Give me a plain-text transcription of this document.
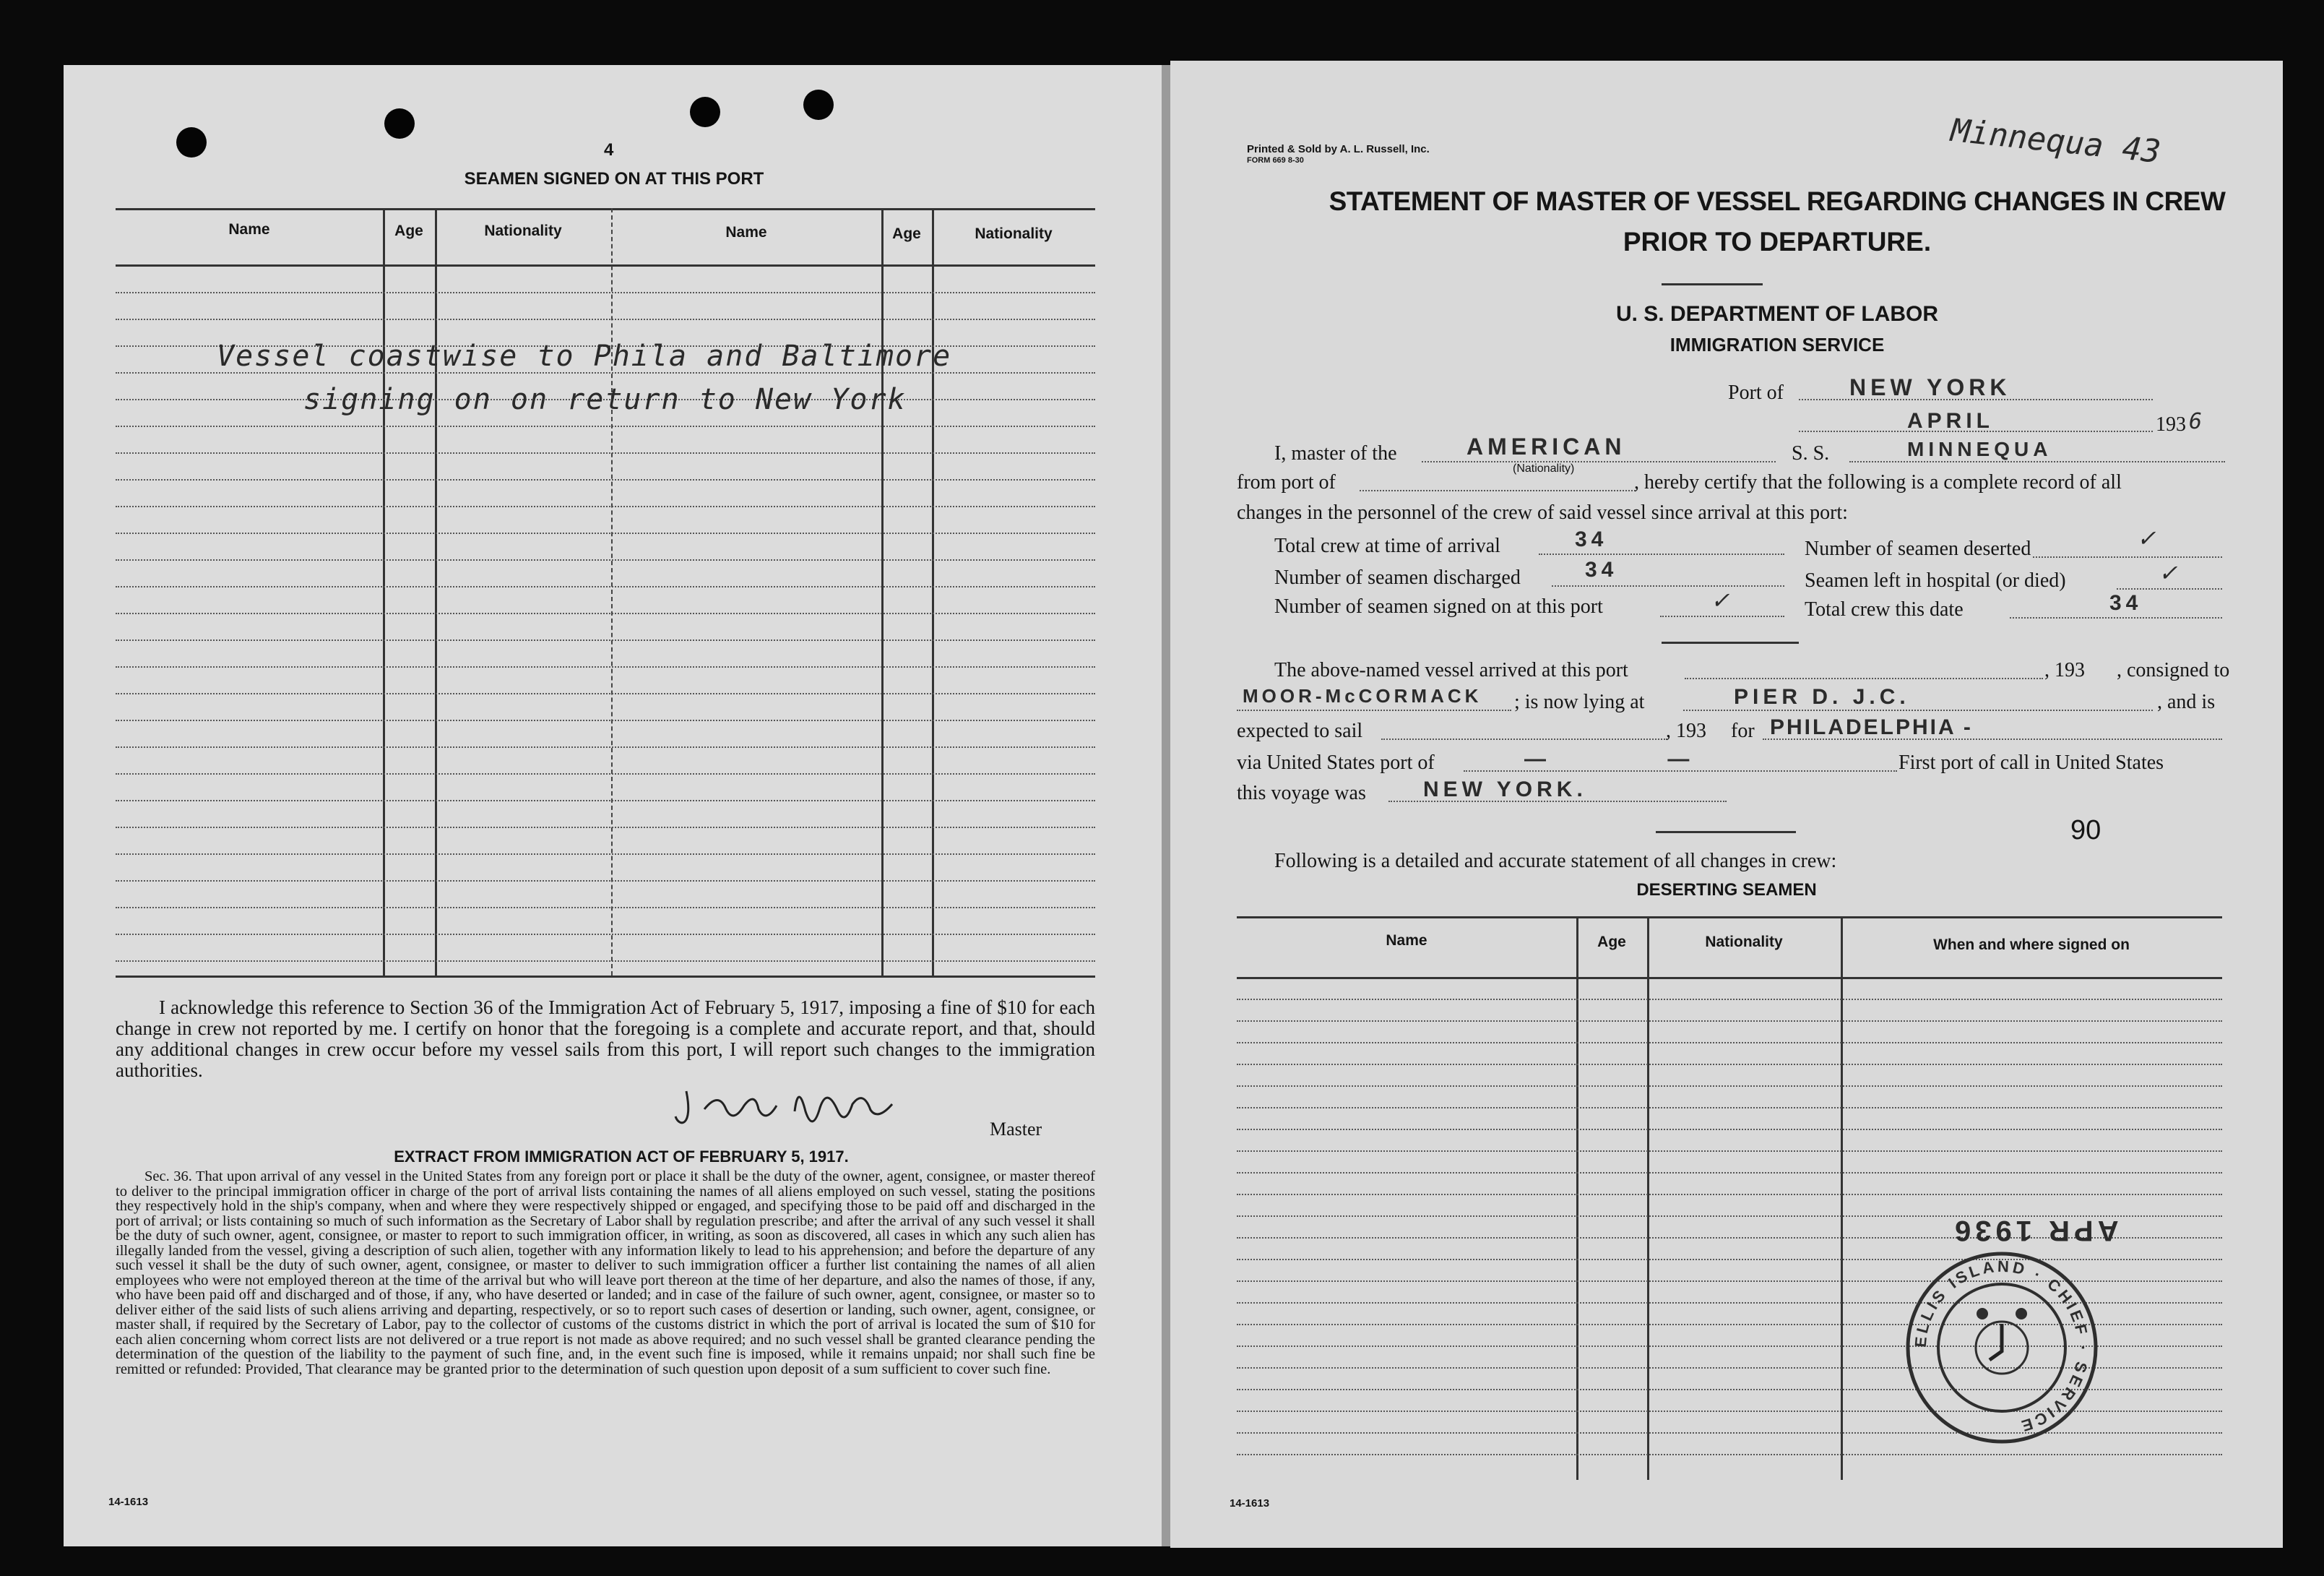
4
SEAMEN SIGNED ON AT THIS PORT
Name	Age	Nationality	Name	Age	Nationality
Vessel coastwise to Phila and Baltimore
signing on on return to New York
I acknowledge this reference to Section 36 of the Immigration Act of February 5, 1917, imposing a fine of $10 for each change in crew not reported by me. I certify on honor that the foregoing is a complete and accurate report, and that, should any additional changes in crew occur before my vessel sails from this port, I will report such changes to the immigration authorities.
Master
EXTRACT FROM IMMIGRATION ACT OF FEBRUARY 5, 1917.
Sec. 36. That upon arrival of any vessel in the United States from any foreign port or place it shall be the duty of the owner, agent, consignee, or master thereof to deliver to the principal immigration officer in charge of the port of arrival lists containing the names of all aliens employed on such vessel, stating the positions they respectively hold in the ship's company, when and where they were respectively shipped or engaged, and specifying those to be paid off and discharged in the port of arrival; or lists containing so much of such information as the Secretary of Labor shall by regulation prescribe; and after the arrival of any such vessel it shall be the duty of such owner, agent, consignee, or master to report to such immigration officer, in writing, as soon as discovered, all cases in which any such alien has illegally landed from the vessel, giving a description of such alien, together with any information likely to lead to his apprehension; and before the departure of any such vessel it shall be the duty of such owner, agent, consignee, or master to deliver to such immigration officer a further list containing the names of all alien employees who were not employed thereon at the time of the arrival but who will leave port thereon at the time of her departure, and also the names of those, if any, who have been paid off and discharged and of those, if any, who have deserted or landed; and in case of the failure of such owner, agent, consignee, or master so to deliver either of the said lists of such aliens arriving and departing, respectively, or so to report such cases of desertion or landing, such owner, agent, consignee, or master shall, if required by the Secretary of Labor, pay to the collector of customs of the customs district in which the port of arrival is located the sum of $10 for each alien concerning whom correct lists are not delivered or a true report is not made as above required; and no such vessel shall be granted clearance pending the determination of the question of the liability to the payment of such fine, and, in the event such fine is imposed, while it remains unpaid; nor shall such fine be remitted or refunded: Provided, That clearance may be granted prior to the determination of such question upon deposit of a sum sufficient to cover such fine.
14-1613
Printed & Sold by A. L. Russell, Inc.
FORM 669 8-30	Minnequa 43
STATEMENT OF MASTER OF VESSEL REGARDING CHANGES IN CREW
PRIOR TO DEPARTURE.
U. S. DEPARTMENT OF LABOR
IMMIGRATION SERVICE
Port of	NEW YORK
APRIL	193 6
I, master of the	AMERICAN
(Nationality)
S. S.	MINNEQUA
from port of	, hereby certify that the following is a complete record of all
changes in the personnel of the crew of said vessel since arrival at this port:
Total crew at time of arrival	34
Number of seamen discharged	34
Number of seamen signed on at this port	✓
Number of seamen deserted	✓
Seamen left in hospital (or died)	✓
Total crew this date	34
The above-named vessel arrived at this port	, 193 , consigned to
MOOR-McCORMACK ; is now lying at	PIER D. J.C.	, and is
expected to sail	, 193 for PHILADELPHIA -
via United States port of	— —	First port of call in United States
this voyage was	NEW YORK.
90
Following is a detailed and accurate statement of all changes in crew:
DESERTING SEAMEN
Name	Age	Nationality	When and where signed on
ELLIS ISLAND · CHIEF · SERVICE
APR 1936
14-1613
